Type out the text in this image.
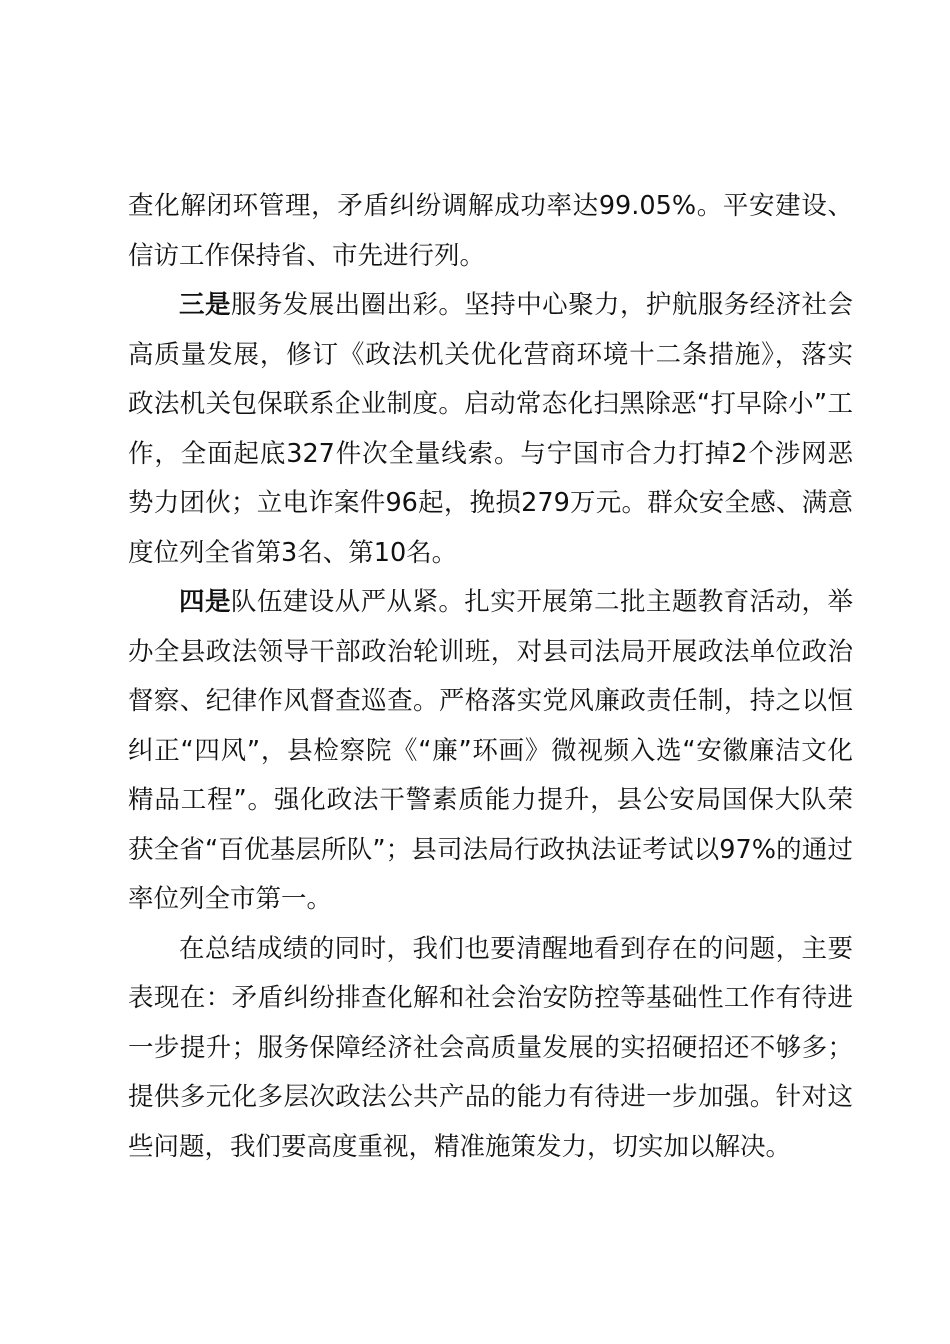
查化解闭环管理，矛盾纠纷调解成功率达99.05%。平安建设、信访工作保持省、市先进行列。

三是服务发展出圈出彩。坚持中心聚力，护航服务经济社会高质量发展，修订《政法机关优化营商环境十二条措施》，落实政法机关包保联系企业制度。启动常态化扫黑除恶“打早除小”工作，全面起底327件次全量线索。与宁国市合力打掉2个涉网恶势力团伙；立电诈案件96起，挽损279万元。群众安全感、满意度位列全省第3名、第10名。

四是队伍建设从严从紧。扎实开展第二批主题教育活动，举办全县政法领导干部政治轮训班，对县司法局开展政法单位政治督察、纪律作风督查巡查。严格落实党风廉政责任制，持之以恒纠正“四风”，县检察院《“廉”环画》微视频入选“安徽廉洁文化精品工程”。强化政法干警素质能力提升，县公安局国保大队荣获全省“百优基层所队”；县司法局行政执法证考试以97%的通过率位列全市第一。

在总结成绩的同时，我们也要清醒地看到存在的问题，主要表现在：矛盾纠纷排查化解和社会治安防控等基础性工作有待进一步提升；服务保障经济社会高质量发展的实招硬招还不够多；提供多元化多层次政法公共产品的能力有待进一步加强。针对这些问题，我们要高度重视，精准施策发力，切实加以解决。
